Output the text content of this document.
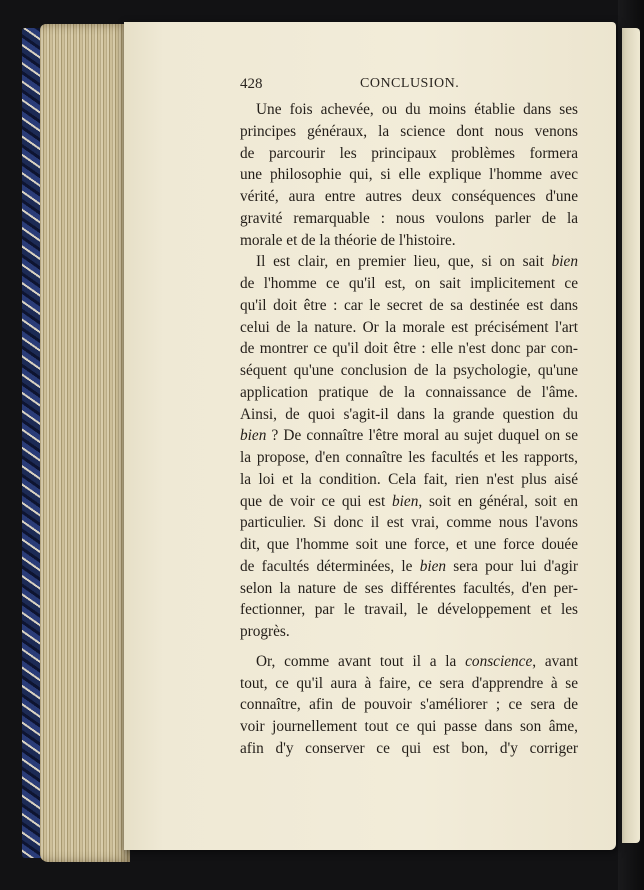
428	CONCLUSION.
Une fois achevée, ou du moins établie dans ses
principes généraux, la science dont nous venons
de parcourir les principaux problèmes formera
une philosophie qui, si elle explique l'homme avec
vérité, aura entre autres deux conséquences d'une
gravité remarquable : nous voulons parler de la
morale et de la théorie de l'histoire.
Il est clair, en premier lieu, que, si on sait bien
de l'homme ce qu'il est, on sait implicitement ce
qu'il doit être : car le secret de sa destinée est dans
celui de la nature. Or la morale est précisément l'art
de montrer ce qu'il doit être : elle n'est donc par con-
séquent qu'une conclusion de la psychologie, qu'une
application pratique de la connaissance de l'âme.
Ainsi, de quoi s'agit-il dans la grande question du
bien ? De connaître l'être moral au sujet duquel on se
la propose, d'en connaître les facultés et les rapports,
la loi et la condition. Cela fait, rien n'est plus aisé
que de voir ce qui est bien, soit en général, soit en
particulier. Si donc il est vrai, comme nous l'avons
dit, que l'homme soit une force, et une force douée
de facultés déterminées, le bien sera pour lui d'agir
selon la nature de ses différentes facultés, d'en per-
fectionner, par le travail, le développement et les
progrès.
Or, comme avant tout il a la conscience, avant
tout, ce qu'il aura à faire, ce sera d'apprendre à se
connaître, afin de pouvoir s'améliorer ; ce sera de
voir journellement tout ce qui passe dans son âme,
afin d'y conserver ce qui est bon, d'y corriger
